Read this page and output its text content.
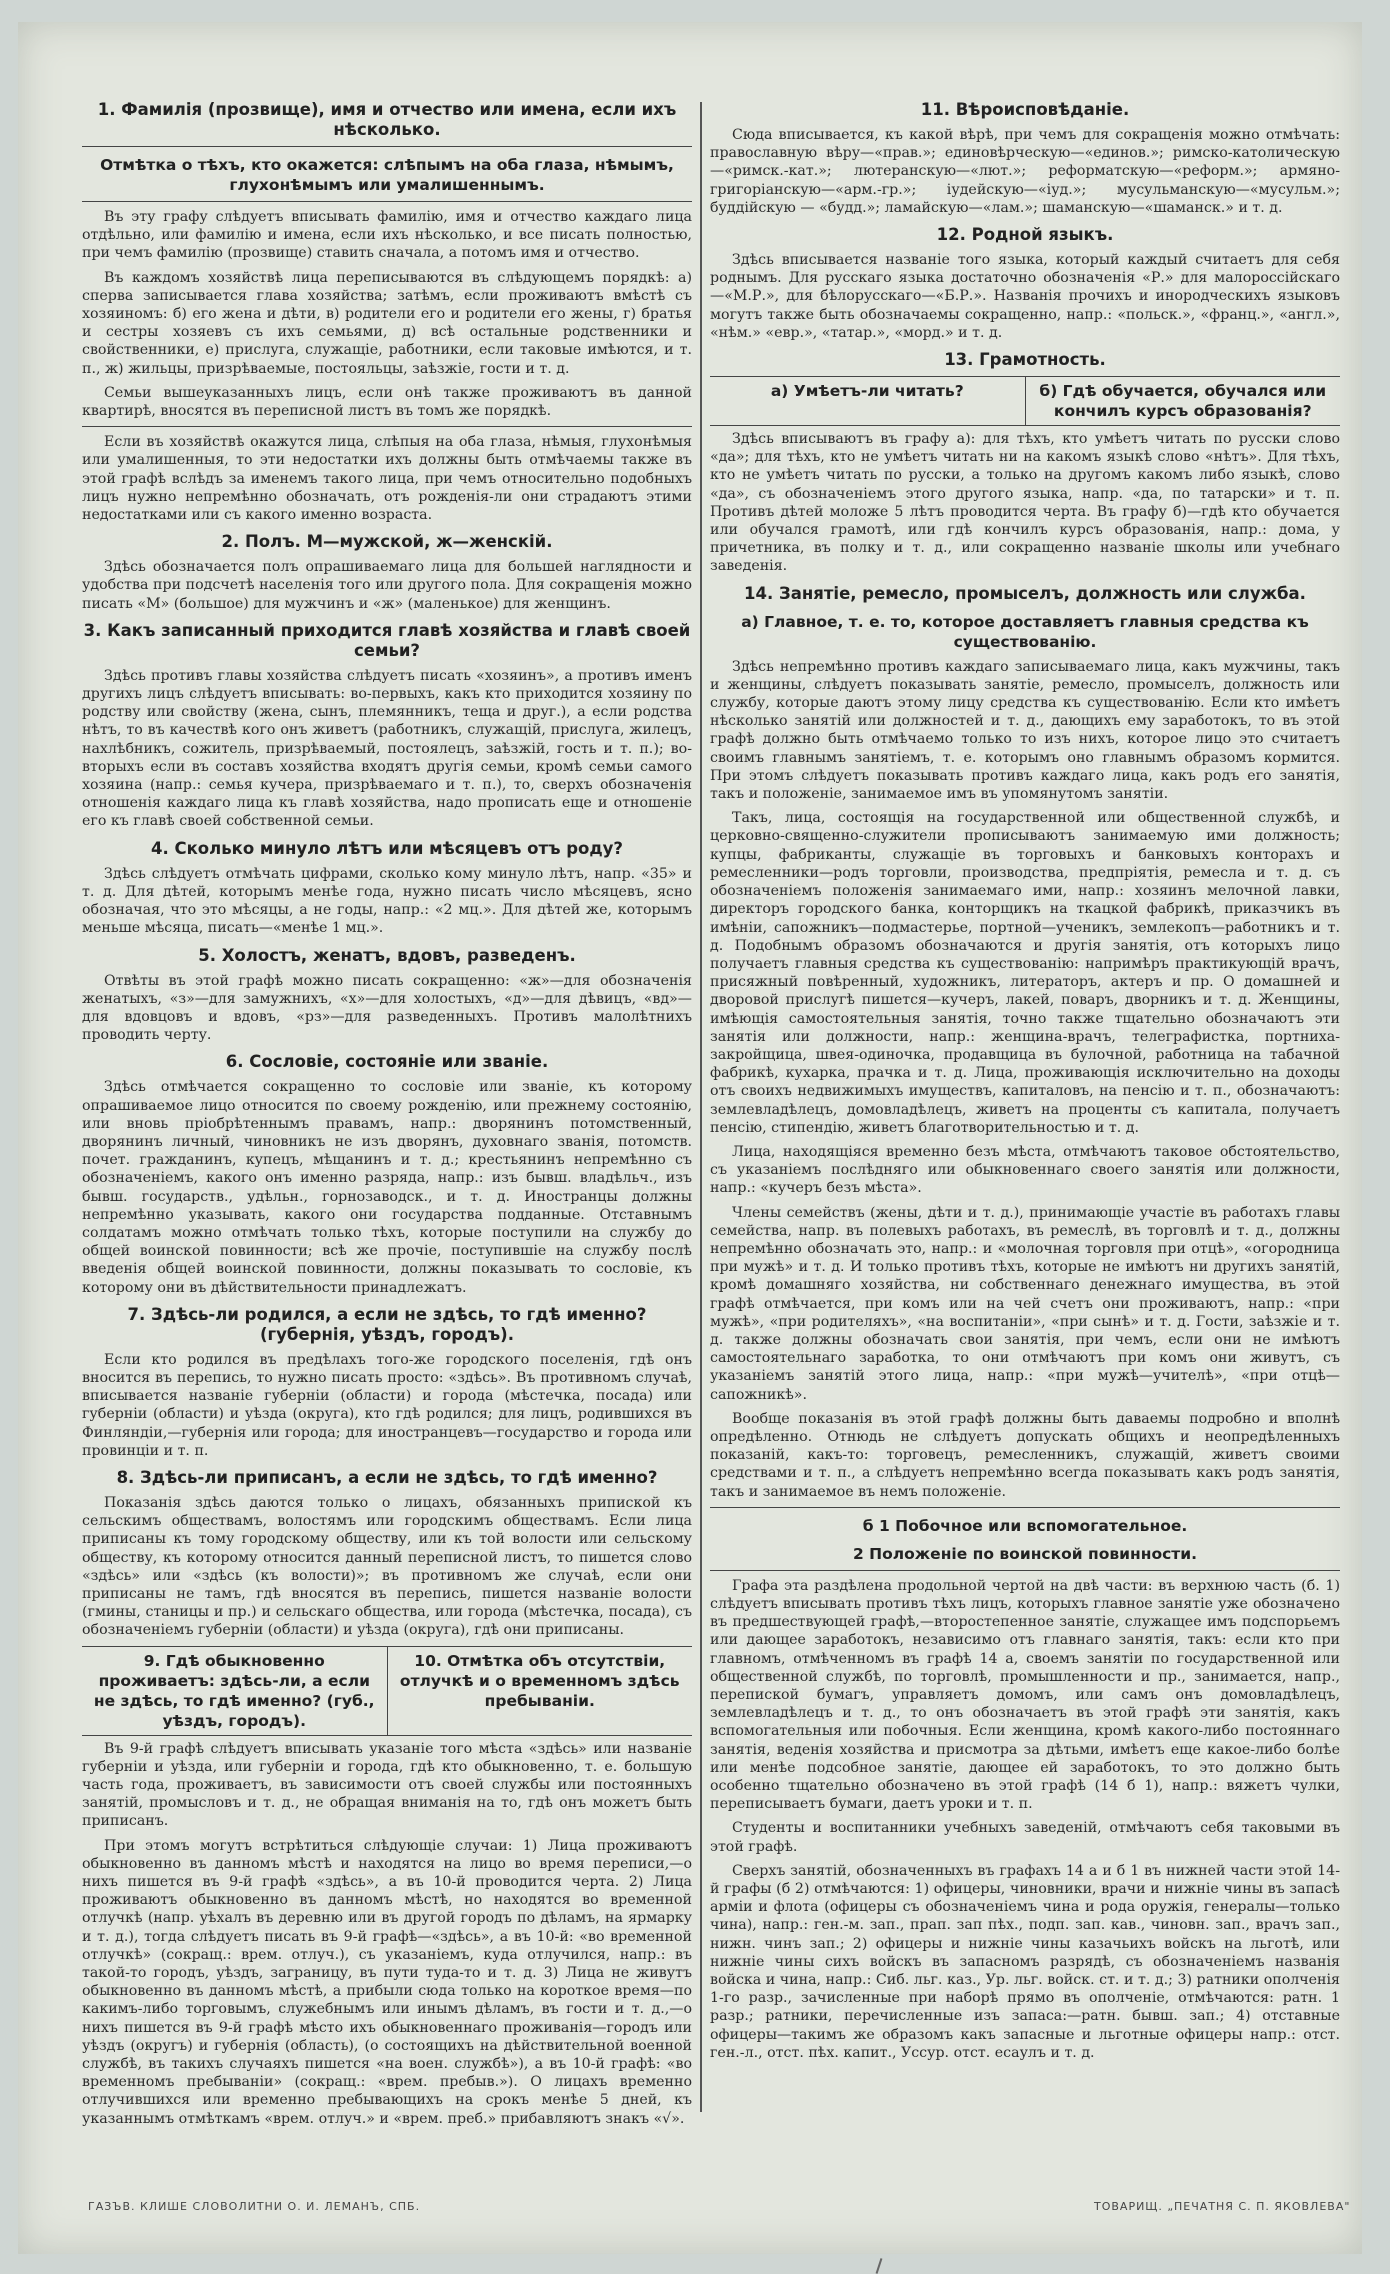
1. Фамилія (прозвище), имя и отчество или имена, если ихъ нѣсколько.
Отмѣтка о тѣхъ, кто окажется: слѣпымъ на оба глаза, нѣмымъ, глухонѣмымъ или умалишеннымъ.

Въ эту графу слѣдуетъ вписывать фамилію, имя и отчество каждаго лица отдѣльно, или фамилію и имена, если ихъ нѣсколько, и все писать полностью, при чемъ фамилію (прозвище) ставить сначала, а потомъ имя и отчество.

Въ каждомъ хозяйствѣ лица переписываются въ слѣдующемъ порядкѣ: а) сперва записывается глава хозяйства; затѣмъ, если проживаютъ вмѣстѣ съ хозяиномъ: б) его жена и дѣти, в) родители его и родители его жены, г) братья и сестры хозяевъ съ ихъ семьями, д) всѣ остальные родственники и свойственники, е) прислуга, служащіе, работники, если таковые имѣются, и т. п., ж) жильцы, призрѣваемые, постояльцы, заѣзжіе, гости и т. д.

Семьи вышеуказанныхъ лицъ, если онѣ также проживаютъ въ данной квартирѣ, вносятся въ переписной листъ въ томъ же порядкѣ.

Если въ хозяйствѣ окажутся лица, слѣпыя на оба глаза, нѣмыя, глухонѣмыя или умалишенныя, то эти недостатки ихъ должны быть отмѣчаемы также въ этой графѣ вслѣдъ за именемъ такого лица, при чемъ относительно подобныхъ лицъ нужно непремѣнно обозначать, отъ рожденія-ли они страдаютъ этими недостатками или съ какого именно возраста.

2. Полъ. М—мужской, ж—женскій.

Здѣсь обозначается полъ опрашиваемаго лица для большей наглядности и удобства при подсчетѣ населенія того или другого пола. Для сокращенія можно писать «М» (большое) для мужчинъ и «ж» (маленькое) для женщинъ.

3. Какъ записанный приходится главѣ хозяйства и главѣ своей семьи?

Здѣсь противъ главы хозяйства слѣдуетъ писать «хозяинъ», а противъ именъ другихъ лицъ слѣдуетъ вписывать: во-первыхъ, какъ кто приходится хозяину по родству или свойству (жена, сынъ, племянникъ, теща и друг.), а если родства нѣтъ, то въ качествѣ кого онъ живетъ (работникъ, служащій, прислуга, жилецъ, нахлѣбникъ, сожитель, призрѣваемый, постоялецъ, заѣзжій, гость и т. п.); во-вторыхъ если въ составъ хозяйства входятъ другія семьи, кромѣ семьи самого хозяина (напр.: семья кучера, призрѣваемаго и т. п.), то, сверхъ обозначенія отношенія каждаго лица къ главѣ хозяйства, надо прописать еще и отношеніе его къ главѣ своей собственной семьи.

4. Сколько минуло лѣтъ или мѣсяцевъ отъ роду?

Здѣсь слѣдуетъ отмѣчать цифрами, сколько кому минуло лѣтъ, напр. «35» и т. д. Для дѣтей, которымъ менѣе года, нужно писать число мѣсяцевъ, ясно обозначая, что это мѣсяцы, а не годы, напр.: «2 мц.». Для дѣтей же, которымъ меньше мѣсяца, писать—«менѣе 1 мц.».

5. Холостъ, женатъ, вдовъ, разведенъ.

Отвѣты въ этой графѣ можно писать сокращенно: «ж»—для обозначенія женатыхъ, «з»—для замужнихъ, «х»—для холостыхъ, «д»—для дѣвицъ, «вд»—для вдовцовъ и вдовъ, «рз»—для разведенныхъ. Противъ малолѣтнихъ проводить черту.

6. Сословіе, состояніе или званіе.

Здѣсь отмѣчается сокращенно то сословіе или званіе, къ которому опрашиваемое лицо относится по своему рожденію, или прежнему состоянію, или вновь пріобрѣтеннымъ правамъ, напр.: дворянинъ потомственный, дворянинъ личный, чиновникъ не изъ дворянъ, духовнаго званія, потомств. почет. гражданинъ, купецъ, мѣщанинъ и т. д.; крестьянинъ непремѣнно съ обозначеніемъ, какого онъ именно разряда, напр.: изъ бывш. владѣльч., изъ бывш. государств., удѣльн., горнозаводск., и т. д. Иностранцы должны непремѣнно указывать, какого они государства подданные. Отставнымъ солдатамъ можно отмѣчать только тѣхъ, которые поступили на службу до общей воинской повинности; всѣ же прочіе, поступившіе на службу послѣ введенія общей воинской повинности, должны показывать то сословіе, къ которому они въ дѣйствительности принадлежатъ.

7. Здѣсь-ли родился, а если не здѣсь, то гдѣ именно? (губернія, уѣздъ, городъ).

Если кто родился въ предѣлахъ того-же городского поселенія, гдѣ онъ вносится въ перепись, то нужно писать просто: «здѣсь». Въ противномъ случаѣ, вписывается названіе губерніи (области) и города (мѣстечка, посада) или губерніи (области) и уѣзда (округа), кто гдѣ родился; для лицъ, родившихся въ Финляндіи,—губернія или города; для иностранцевъ—государство и города или провинціи и т. п.

8. Здѣсь-ли приписанъ, а если не здѣсь, то гдѣ именно?

Показанія здѣсь даются только о лицахъ, обязанныхъ припиской къ сельскимъ обществамъ, волостямъ или городскимъ обществамъ. Если лица приписаны къ тому городскому обществу, или къ той волости или сельскому обществу, къ которому относится данный переписной листъ, то пишется слово «здѣсь» или «здѣсь (къ волости)»; въ противномъ же случаѣ, если они приписаны не тамъ, гдѣ вносятся въ перепись, пишется названіе волости (гмины, станицы и пр.) и сельскаго общества, или города (мѣстечка, посада), съ обозначеніемъ губерніи (области) и уѣзда (округа), гдѣ они приписаны.

9. Гдѣ обыкновенно проживаетъ: здѣсь-ли, а если не здѣсь, то гдѣ именно? (губ., уѣздъ, городъ).
10. Отмѣтка объ отсутствіи, отлучкѣ и о временномъ здѣсь пребываніи.

Въ 9-й графѣ слѣдуетъ вписывать указаніе того мѣста «здѣсь» или названіе губерніи и уѣзда, или губерніи и города, гдѣ кто обыкновенно, т. е. большую часть года, проживаетъ, въ зависимости отъ своей службы или постоянныхъ занятій, промысловъ и т. д., не обращая вниманія на то, гдѣ онъ можетъ быть приписанъ.

При этомъ могутъ встрѣтиться слѣдующіе случаи: 1) Лица проживаютъ обыкновенно въ данномъ мѣстѣ и находятся на лицо во время переписи,—о нихъ пишется въ 9-й графѣ «здѣсь», а въ 10-й проводится черта. 2) Лица проживаютъ обыкновенно въ данномъ мѣстѣ, но находятся во временной отлучкѣ (напр. уѣхалъ въ деревню или въ другой городъ по дѣламъ, на ярмарку и т. д.), тогда слѣдуетъ писать въ 9-й графѣ—«здѣсь», а въ 10-й: «во временной отлучкѣ» (сокращ.: врем. отлуч.), съ указаніемъ, куда отлучился, напр.: въ такой-то городъ, уѣздъ, заграницу, въ пути туда-то и т. д. 3) Лица не живутъ обыкновенно въ данномъ мѣстѣ, а прибыли сюда только на короткое время—по какимъ-либо торговымъ, служебнымъ или инымъ дѣламъ, въ гости и т. д.,—о нихъ пишется въ 9-й графѣ мѣсто ихъ обыкновеннаго проживанія—городъ или уѣздъ (округъ) и губернія (область), (о состоящихъ на дѣйствительной военной службѣ, въ такихъ случаяхъ пишется «на воен. службѣ»), а въ 10-й графѣ: «во временномъ пребываніи» (сокращ.: «врем. пребыв.»). О лицахъ временно отлучившихся или временно пребывающихъ на срокъ менѣе 5 дней, къ указаннымъ отмѣткамъ «врем. отлуч.» и «врем. преб.» прибавляютъ знакъ «√».

11. Вѣроисповѣданіе.

Сюда вписывается, къ какой вѣрѣ, при чемъ для сокращенія можно отмѣчать: православную вѣру—«прав.»; единовѣрческую—«единов.»; римско-католическую—«римск.-кат.»; лютеранскую—«лют.»; реформатскую—«реформ.»; армяно-григоріанскую—«арм.-гр.»; іудейскую—«іуд.»; мусульманскую—«мусульм.»; буддійскую — «будд.»; ламайскую—«лам.»; шаманскую—«шаманск.» и т. д.

12. Родной языкъ.

Здѣсь вписывается названіе того языка, который каждый считаетъ для себя роднымъ. Для русскаго языка достаточно обозначенія «Р.» для малороссійскаго—«М.Р.», для бѣлорусскаго—«Б.Р.». Названія прочихъ и инородческихъ языковъ могутъ также быть обозначаемы сокращенно, напр.: «польск.», «франц.», «англ.», «нѣм.» «евр.», «татар.», «морд.» и т. д.

13. Грамотность.
а) Умѣетъ-ли читать?	б) Гдѣ обучается, обучался или кончилъ курсъ образованія?

Здѣсь вписываютъ въ графу а): для тѣхъ, кто умѣетъ читать по русски слово «да»; для тѣхъ, кто не умѣетъ читать ни на какомъ языкѣ слово «нѣтъ». Для тѣхъ, кто не умѣетъ читать по русски, а только на другомъ какомъ либо языкѣ, слово «да», съ обозначеніемъ этого другого языка, напр. «да, по татарски» и т. п. Противъ дѣтей моложе 5 лѣтъ проводится черта. Въ графу б)—гдѣ кто обучается или обучался грамотѣ, или гдѣ кончилъ курсъ образованія, напр.: дома, у причетника, въ полку и т. д., или сокращенно названіе школы или учебнаго заведенія.

14. Занятіе, ремесло, промыселъ, должность или служба.
а) Главное, т. е. то, которое доставляетъ главныя средства къ существованію.

Здѣсь непремѣнно противъ каждаго записываемаго лица, какъ мужчины, такъ и женщины, слѣдуетъ показывать занятіе, ремесло, промыселъ, должность или службу, которые даютъ этому лицу средства къ существованію. Если кто имѣетъ нѣсколько занятій или должностей и т. д., дающихъ ему заработокъ, то въ этой графѣ должно быть отмѣчаемо только то изъ нихъ, которое лицо это считаетъ своимъ главнымъ занятіемъ, т. е. которымъ оно главнымъ образомъ кормится. При этомъ слѣдуетъ показывать противъ каждаго лица, какъ родъ его занятія, такъ и положеніе, занимаемое имъ въ упомянутомъ занятіи.

Такъ, лица, состоящія на государственной или общественной службѣ, и церковно-священно-служители прописываютъ занимаемую ими должность; купцы, фабриканты, служащіе въ торговыхъ и банковыхъ конторахъ и ремесленники—родъ торговли, производства, предпріятія, ремесла и т. д. съ обозначеніемъ положенія занимаемаго ими, напр.: хозяинъ мелочной лавки, директоръ городского банка, конторщикъ на ткацкой фабрикѣ, приказчикъ въ имѣніи, сапожникъ—подмастерье, портной—ученикъ, землекопъ—работникъ и т. д. Подобнымъ образомъ обозначаются и другія занятія, отъ которыхъ лицо получаетъ главныя средства къ существованію: напримѣръ практикующій врачъ, присяжный повѣренный, художникъ, литераторъ, актеръ и пр. О домашней и дворовой прислугѣ пишется—кучеръ, лакей, поваръ, дворникъ и т. д. Женщины, имѣющія самостоятельныя занятія, точно также тщательно обозначаютъ эти занятія или должности, напр.: женщина-врачъ, телеграфистка, портниха-закройщица, швея-одиночка, продавщица въ булочной, работница на табачной фабрикѣ, кухарка, прачка и т. д. Лица, проживающія исключительно на доходы отъ своихъ недвижимыхъ имуществъ, капиталовъ, на пенсію и т. п., обозначаютъ: землевладѣлецъ, домовладѣлецъ, живетъ на проценты съ капитала, получаетъ пенсію, стипендію, живетъ благотворительностью и т. д.

Лица, находящіяся временно безъ мѣста, отмѣчаютъ таковое обстоятельство, съ указаніемъ послѣдняго или обыкновеннаго своего занятія или должности, напр.: «кучеръ безъ мѣста».

Члены семействъ (жены, дѣти и т. д.), принимающіе участіе въ работахъ главы семейства, напр. въ полевыхъ работахъ, въ ремеслѣ, въ торговлѣ и т. д., должны непремѣнно обозначать это, напр.: и «молочная торговля при отцѣ», «огородница при мужѣ» и т. д. И только противъ тѣхъ, которые не имѣютъ ни другихъ занятій, кромѣ домашняго хозяйства, ни собственнаго денежнаго имущества, въ этой графѣ отмѣчается, при комъ или на чей счетъ они проживаютъ, напр.: «при мужѣ», «при родителяхъ», «на воспитаніи», «при сынѣ» и т. д. Гости, заѣзжіе и т. д. также должны обозначать свои занятія, при чемъ, если они не имѣютъ самостоятельнаго заработка, то они отмѣчаютъ при комъ они живутъ, съ указаніемъ занятій этого лица, напр.: «при мужѣ—учителѣ», «при отцѣ—сапожникѣ».

Вообще показанія въ этой графѣ должны быть даваемы подробно и вполнѣ опредѣленно. Отнюдь не слѣдуетъ допускать общихъ и неопредѣленныхъ показаній, какъ-то: торговецъ, ремесленникъ, служащій, живетъ своими средствами и т. п., а слѣдуетъ непремѣнно всегда показывать какъ родъ занятія, такъ и занимаемое въ немъ положеніе.

б 1 Побочное или вспомогательное.
2 Положеніе по воинской повинности.

Графа эта раздѣлена продольной чертой на двѣ части: въ верхнюю часть (б. 1) слѣдуетъ вписывать противъ тѣхъ лицъ, которыхъ главное занятіе уже обозначено въ предшествующей графѣ,—второстепенное занятіе, служащее имъ подспорьемъ или дающее заработокъ, независимо отъ главнаго занятія, такъ: если кто при главномъ, отмѣченномъ въ графѣ 14 а, своемъ занятіи по государственной или общественной службѣ, по торговлѣ, промышленности и пр., занимается, напр., перепиской бумагъ, управляетъ домомъ, или самъ онъ домовладѣлецъ, землевладѣлецъ и т. д., то онъ обозначаетъ въ этой графѣ эти занятія, какъ вспомогательныя или побочныя. Если женщина, кромѣ какого-либо постояннаго занятія, веденія хозяйства и присмотра за дѣтьми, имѣетъ еще какое-либо болѣе или менѣе подсобное занятіе, дающее ей заработокъ, то это должно быть особенно тщательно обозначено въ этой графѣ (14 б 1), напр.: вяжетъ чулки, переписываетъ бумаги, даетъ уроки и т. п.

Студенты и воспитанники учебныхъ заведеній, отмѣчаютъ себя таковыми въ этой графѣ.

Сверхъ занятій, обозначенныхъ въ графахъ 14 а и б 1 въ нижней части этой 14-й графы (б 2) отмѣчаются: 1) офицеры, чиновники, врачи и нижніе чины въ запасѣ арміи и флота (офицеры съ обозначеніемъ чина и рода оружія, генералы—только чина), напр.: ген.-м. зап., прап. зап пѣх., подп. зап. кав., чиновн. зап., врачъ зап., нижн. чинъ зап.; 2) офицеры и нижніе чины казачьихъ войскъ на льготѣ, или нижніе чины сихъ войскъ въ запасномъ разрядѣ, съ обозначеніемъ названія войска и чина, напр.: Сиб. льг. каз., Ур. льг. войск. ст. и т. д.; 3) ратники ополченія 1-го разр., зачисленные при наборѣ прямо въ ополченіе, отмѣчаются: ратн. 1 разр.; ратники, перечисленные изъ запаса:—ратн. бывш. зап.; 4) отставные офицеры—такимъ же образомъ какъ запасные и льготные офицеры напр.: отст. ген.-л., отст. пѣх. капит., Уссур. отст. есаулъ и т. д.

ГАЗЪВ. КЛИШЕ СЛОВОЛИТНИ О. И. ЛЕМАНЪ, СПБ.	ТОВАРИЩ. „ПЕЧАТНЯ С. П. ЯКОВЛЕВА"
